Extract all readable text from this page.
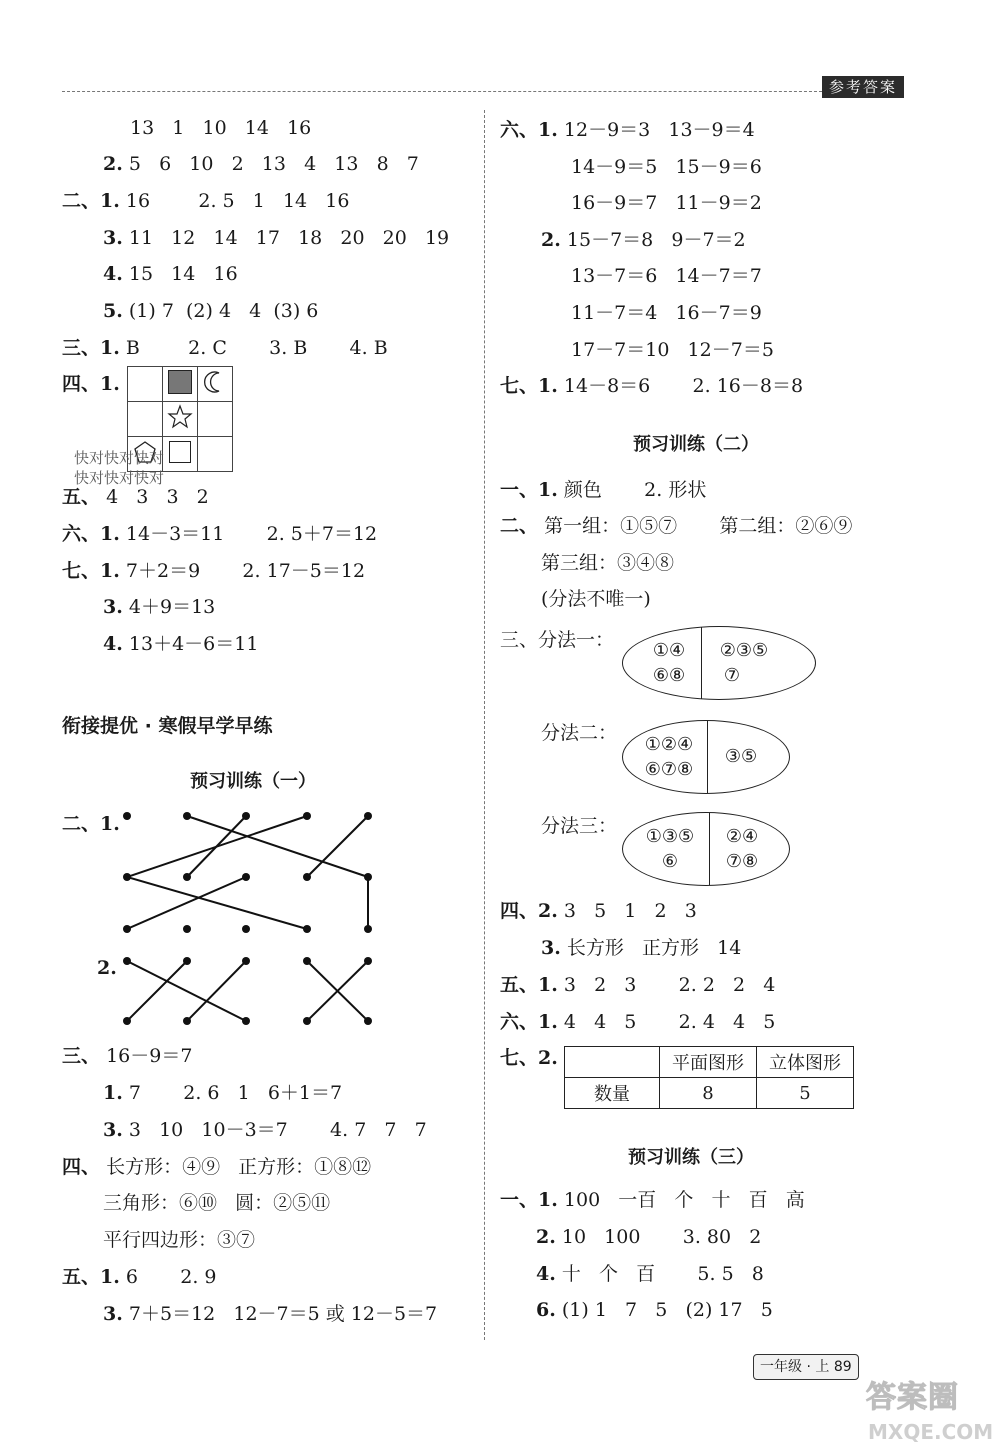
参考答案
13   1   10   14   16
2. 5   6   10   2   13   4   13   8   7
二、1. 16        2. 5   1   14   16
3. 11   12   14   17   18   20   20   19
4. 15   14   16
5. (1) 7  (2) 4   4  (3) 6
三、1. B        2. C       3. B       4. B
四、1.
五、 4   3   3   2
六、1. 14－3＝11       2. 5＋7＝12
七、1. 7＋2＝9       2. 17－5＝12
3. 4＋9＝13
4. 13＋4－6＝11

快对快对快对
快对快对快对
衔接提优 · 寒假早学早练
预习训练（一）
二、1.
2.
三、 16－9＝7
1. 7       2. 6   1   6＋1＝7
3. 3   10   10－3＝7       4. 7   7   7
四、 长方形：④⑨   正方形：①⑧⑫
三角形：⑥⑩   圆：②⑤⑪
平行四边形：③⑦
五、1. 6       2. 9
3. 7＋5＝12   12－7＝5 或 12－5＝7
六、1. 12－9＝3   13－9＝4
14－9＝5   15－9＝6
16－9＝7   11－9＝2
2. 15－7＝8   9－7＝2
13－7＝6   14－7＝7
11－7＝4   16－7＝9
17－7＝10   12－7＝5
七、1. 14－8＝6       2. 16－8＝8
预习训练（二）
一、1. 颜色       2. 形状
二、 第一组：①⑤⑦       第二组：②⑥⑨
第三组：③④⑧
(分法不唯一)
三、分法一：	①④
⑥⑧
②③⑤
⑦
分法二：
①②④
⑥⑦⑧
③⑤
分法三：	①③⑤
⑥
②④
⑦⑧
四、2. 3   5   1   2   3
3. 长方形   正方形   14
五、1. 3   2   3       2. 2   2   4
六、1. 4   4   5       2. 4   4   5
七、2.
		平面图形	立体图形
数量	8	5
预习训练（三）
一、1. 100   一百   个   十   百   高
2. 10   100       3. 80   2
4. 十   个   百       5. 5   8
6. (1) 1   7   5   (2) 17   5
一年级 · 上 89
答案圈
MXQE.COM
